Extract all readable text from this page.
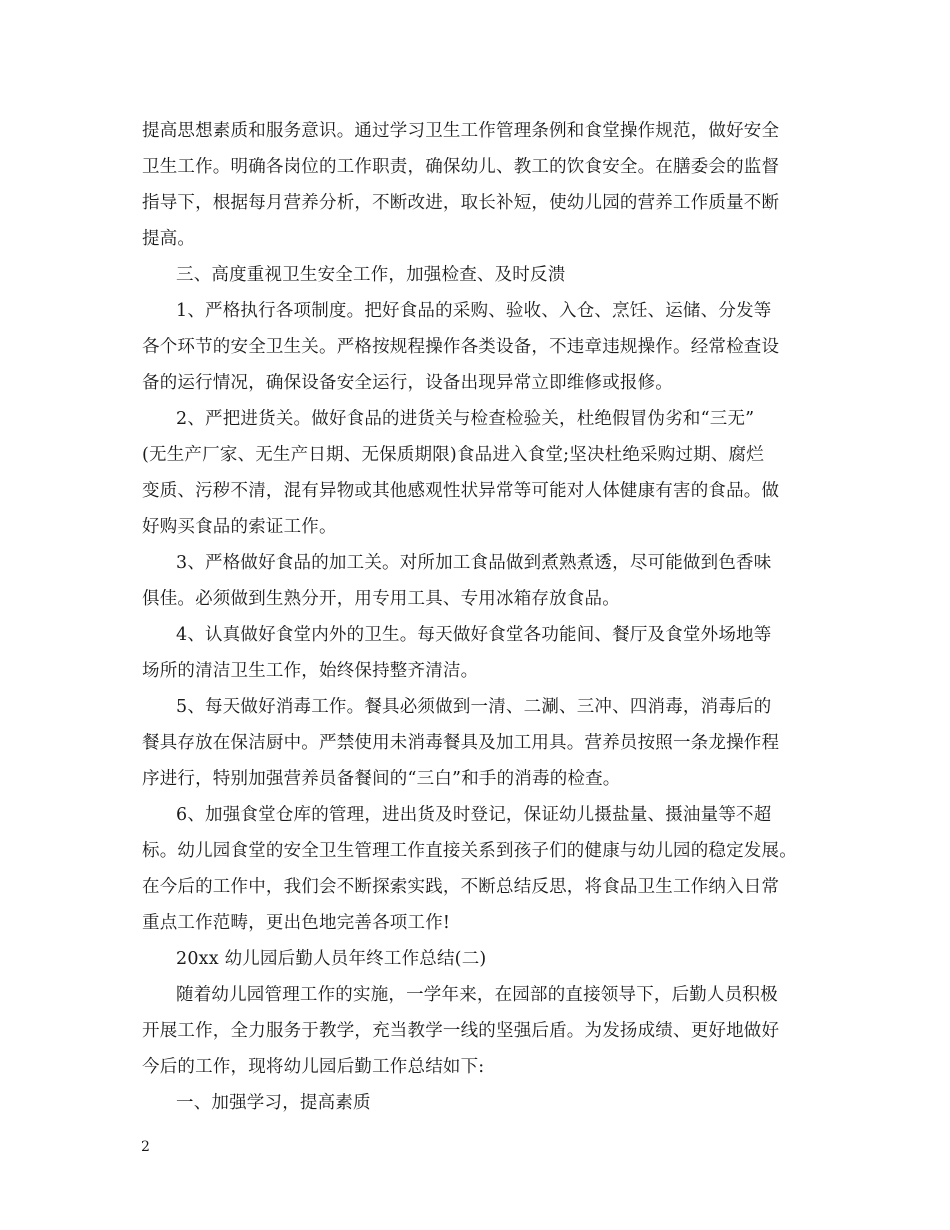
提高思想素质和服务意识。通过学习卫生工作管理条例和食堂操作规范，做好安全
卫生工作。明确各岗位的工作职责，确保幼儿、教工的饮食安全。在膳委会的监督
指导下，根据每月营养分析，不断改进，取长补短，使幼儿园的营养工作质量不断
提高。
三、高度重视卫生安全工作，加强检查、及时反溃
1、严格执行各项制度。把好食品的采购、验收、入仓、烹饪、运储、分发等
各个环节的安全卫生关。严格按规程操作各类设备，不违章违规操作。经常检查设
备的运行情况，确保设备安全运行，设备出现异常立即维修或报修。
2、严把进货关。做好食品的进货关与检查检验关，杜绝假冒伪劣和“三无”
(无生产厂家、无生产日期、无保质期限)食品进入食堂;坚决杜绝采购过期、腐烂
变质、污秽不清，混有异物或其他感观性状异常等可能对人体健康有害的食品。做
好购买食品的索证工作。
3、严格做好食品的加工关。对所加工食品做到煮熟煮透，尽可能做到色香味
俱佳。必须做到生熟分开，用专用工具、专用冰箱存放食品。
4、认真做好食堂内外的卫生。每天做好食堂各功能间、餐厅及食堂外场地等
场所的清洁卫生工作，始终保持整齐清洁。
5、每天做好消毒工作。餐具必须做到一清、二涮、三冲、四消毒，消毒后的
餐具存放在保洁厨中。严禁使用未消毒餐具及加工用具。营养员按照一条龙操作程
序进行，特别加强营养员备餐间的“三白”和手的消毒的检查。
6、加强食堂仓库的管理，进出货及时登记，保证幼儿摄盐量、摄油量等不超
标。幼儿园食堂的安全卫生管理工作直接关系到孩子们的健康与幼儿园的稳定发展。
在今后的工作中，我们会不断探索实践，不断总结反思，将食品卫生工作纳入日常
重点工作范畴，更出色地完善各项工作!
20xx 幼儿园后勤人员年终工作总结(二)
随着幼儿园管理工作的实施，一学年来，在园部的直接领导下，后勤人员积极
开展工作，全力服务于教学，充当教学一线的坚强后盾。为发扬成绩、更好地做好
今后的工作，现将幼儿园后勤工作总结如下:
一、加强学习，提高素质
2
